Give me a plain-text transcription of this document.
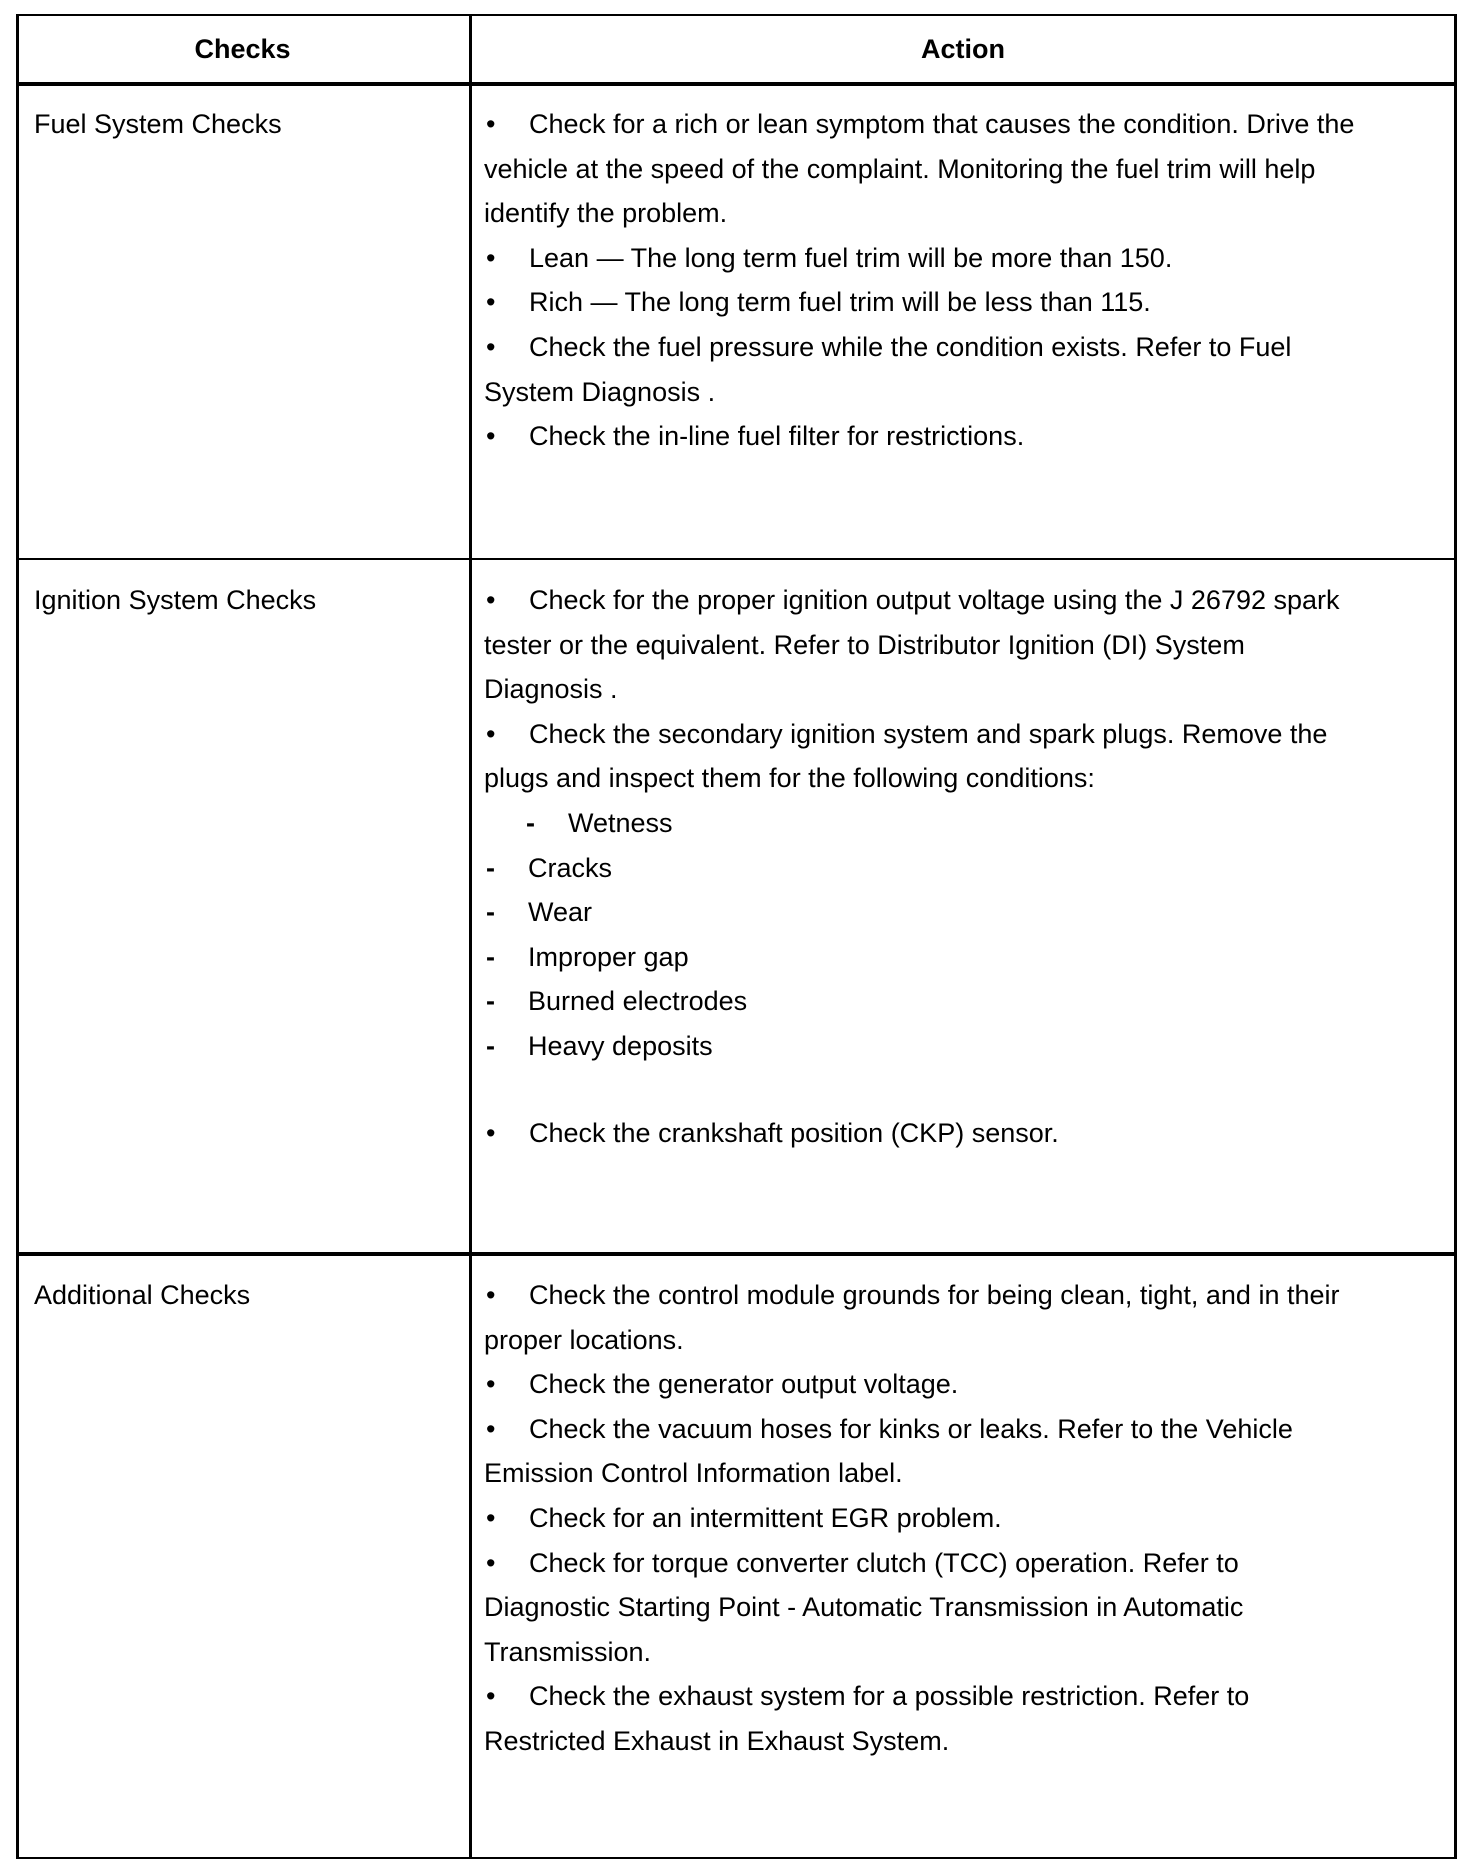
Checks	Action
Fuel System Checks	• Check for a rich or lean symptom that causes the condition. Drive the
vehicle at the speed of the complaint. Monitoring the fuel trim will help
identify the problem.
• Lean — The long term fuel trim will be more than 150.
• Rich — The long term fuel trim will be less than 115.
• Check the fuel pressure while the condition exists. Refer to Fuel
System Diagnosis .
• Check the in-line fuel filter for restrictions.
Ignition System Checks	• Check for the proper ignition output voltage using the J 26792 spark
tester or the equivalent. Refer to Distributor Ignition (DI) System
Diagnosis .
• Check the secondary ignition system and spark plugs. Remove the
plugs and inspect them for the following conditions:
- Wetness
- Cracks
- Wear
- Improper gap
- Burned electrodes
- Heavy deposits
• Check the crankshaft position (CKP) sensor.
Additional Checks	• Check the control module grounds for being clean, tight, and in their
proper locations.
• Check the generator output voltage.
• Check the vacuum hoses for kinks or leaks. Refer to the Vehicle
Emission Control Information label.
• Check for an intermittent EGR problem.
• Check for torque converter clutch (TCC) operation. Refer to
Diagnostic Starting Point - Automatic Transmission in Automatic
Transmission.
• Check the exhaust system for a possible restriction. Refer to
Restricted Exhaust in Exhaust System.
